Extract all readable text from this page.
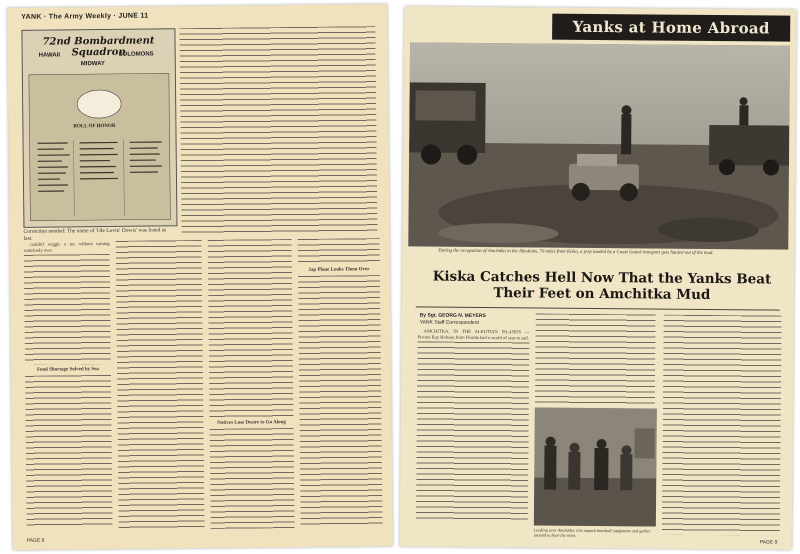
YANK · The Army Weekly · JUNE 11
72nd Bombardment Squadron
HAWAII	SOLOMONS
MIDWAY
ROLL OF HONOR
Correction needed: The name of 'Ole Lovin' Dowis' was listed as last.

couldn't wiggle a toe without turning somebody over.

Food Shortage Solved by Sea
Natives Lose Desire to Go Along
Jap Plane Looks Them Over
PAGE 8
Yanks at Home Abroad
During the occupation of Amchitka in the Aleutians, 70 miles from Kiska, a jeep landed by a Coast Guard transport gets hauled out of the mud.
Kiska Catches Hell Now That the Yanks Beat Their Feet on Amchitka Mud
By Sgt. GEORG N. MEYERS
YANK Staff Correspondent

AMCHITKA, IN THE ALEUTIAN ISLANDS — Private Ray Hobson from Florida had a world of seas to sail.

Looking over Amchitka: GIs unpack baseball equipment and gather around to hear the news.
PAGE 9
